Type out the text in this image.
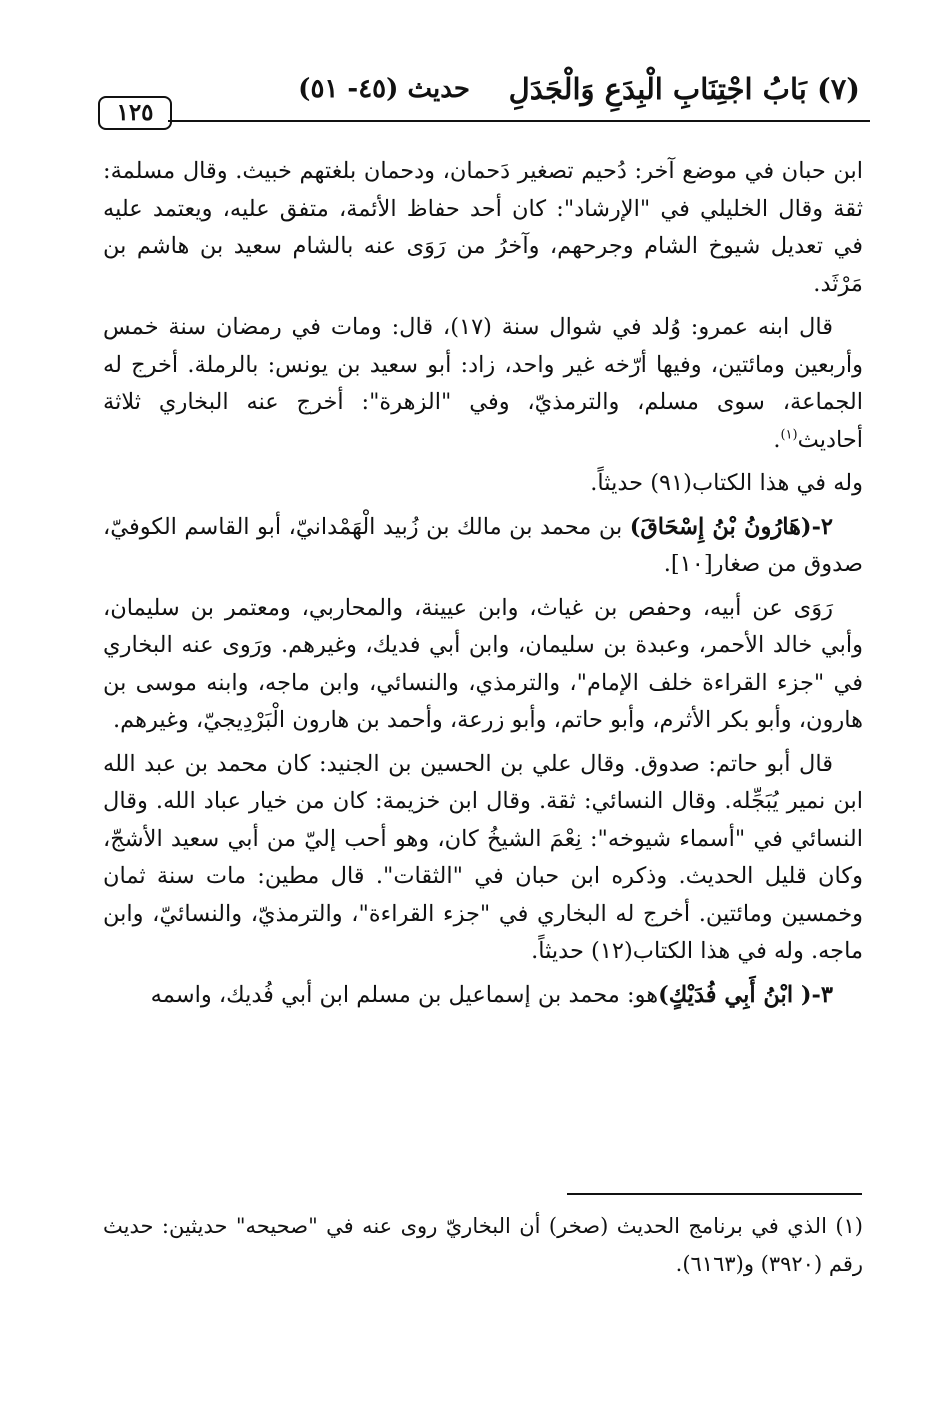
(٧) بَابُ اجْتِنَابِ الْبِدَعِ وَالْجَدَلِ
حديث (٤٥- ٥١)
١٢٥

ابن حبان في موضع آخر: دُحيم تصغير دَحمان، ودحمان بلغتهم خبيث. وقال مسلمة: ثقة وقال الخليلي في "الإرشاد": كان أحد حفاظ الأئمة، متفق عليه، ويعتمد عليه في تعديل شيوخ الشام وجرحهم، وآخرُ من رَوَى عنه بالشام سعيد بن هاشم بن مَرْثَد.

قال ابنه عمرو: وُلد في شوال سنة (١٧)، قال: ومات في رمضان سنة خمس وأربعين ومائتين، وفيها أرّخه غير واحد، زاد: أبو سعيد بن يونس: بالرملة. أخرج له الجماعة، سوى مسلم، والترمذيّ، وفي "الزهرة": أخرج عنه البخاري ثلاثة أحاديث$^{(١)}$.

وله في هذا الكتاب(٩١) حديثاً.

٢-(هَارُونُ بْنُ إِسْحَاقَ) بن محمد بن مالك بن زُبيد الْهَمْدانيّ، أبو القاسم الكوفيّ، صدوق من صغار[١٠].

رَوَى عن أبيه، وحفص بن غياث، وابن عيينة، والمحاربي، ومعتمر بن سليمان، وأبي خالد الأحمر، وعبدة بن سليمان، وابن أبي فديك، وغيرهم. ورَوى عنه البخاري في "جزء القراءة خلف الإمام"، والترمذي، والنسائي، وابن ماجه، وابنه موسى بن هارون، وأبو بكر الأثرم، وأبو حاتم، وأبو زرعة، وأحمد بن هارون الْبَرْدِيجيّ، وغيرهم.

قال أبو حاتم: صدوق. وقال علي بن الحسين بن الجنيد: كان محمد بن عبد الله ابن نمير يُبَجِّله. وقال النسائي: ثقة. وقال ابن خزيمة: كان من خيار عباد الله. وقال النسائي في "أسماء شيوخه": نِعْمَ الشيخُ كان، وهو أحب إليّ من أبي سعيد الأشجّ، وكان قليل الحديث. وذكره ابن حبان في "الثقات". قال مطين: مات سنة ثمان وخمسين ومائتين. أخرج له البخاري في "جزء القراءة"، والترمذيّ، والنسائيّ، وابن ماجه. وله في هذا الكتاب(١٢) حديثاً.

٣-( ابْنُ أَبِي فُدَيْكٍ)هو: محمد بن إسماعيل بن مسلم ابن أبي فُديك، واسمه

(١) الذي في برنامج الحديث (صخر) أن البخاريّ روى عنه في "صحيحه" حديثين: حديث رقم (٣٩٢٠) و(٦١٦٣).
